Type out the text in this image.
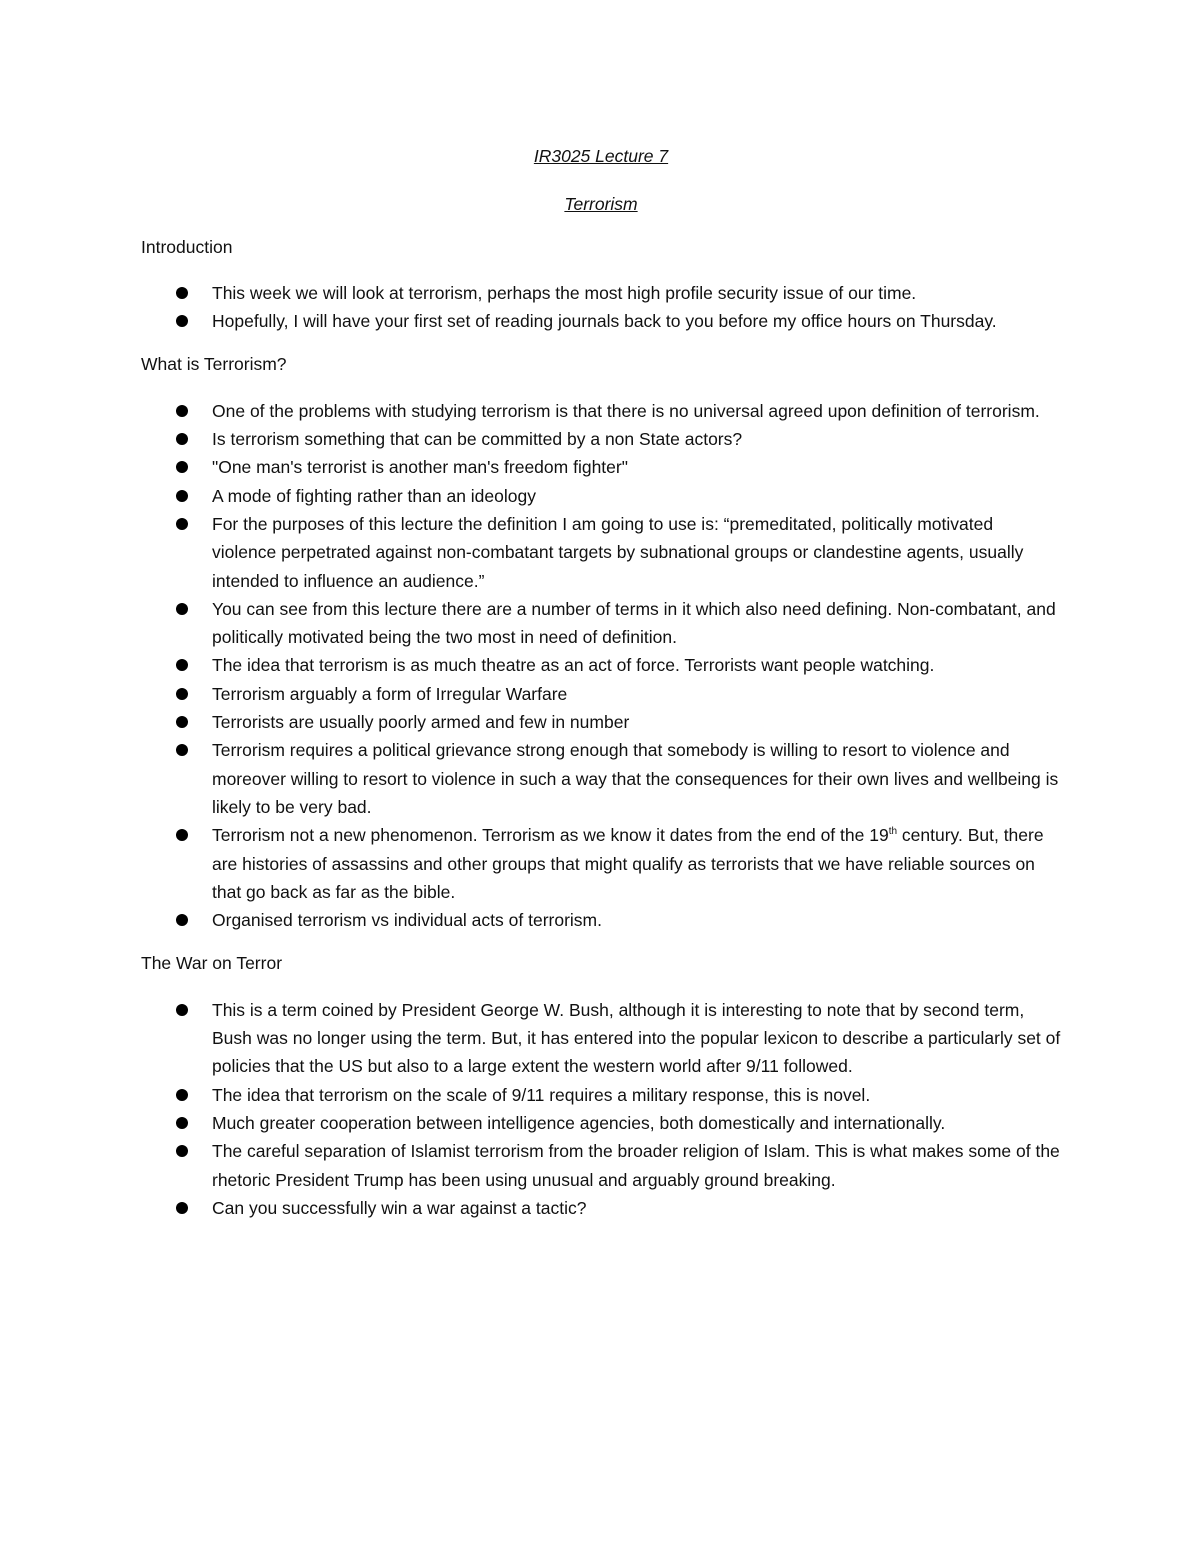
IR3025 Lecture 7
Terrorism
Introduction
This week we will look at terrorism, perhaps the most high profile security issue of our time.
Hopefully, I will have your first set of reading journals back to you before my office hours on Thursday.
What is Terrorism?
One of the problems with studying terrorism is that there is no universal agreed upon definition of terrorism.
Is terrorism something that can be committed by a non State actors?
"One man's terrorist is another man's freedom fighter"
A mode of fighting rather than an ideology
For the purposes of this lecture the definition I am going to use is: “premeditated, politically motivated violence perpetrated against non-combatant targets by subnational groups or clandestine agents, usually intended to influence an audience.”
You can see from this lecture there are a number of terms in it which also need defining. Non-combatant, and politically motivated being the two most in need of definition.
The idea that terrorism is as much theatre as an act of force. Terrorists want people watching.
Terrorism arguably a form of Irregular Warfare
Terrorists are usually poorly armed and few in number
Terrorism requires a political grievance strong enough that somebody is willing to resort to violence and moreover willing to resort to violence in such a way that the consequences for their own lives and wellbeing is likely to be very bad.
Terrorism not a new phenomenon. Terrorism as we know it dates from the end of the 19th century. But, there are histories of assassins and other groups that might qualify as terrorists that we have reliable sources on that go back as far as the bible.
Organised terrorism vs individual acts of terrorism.
The War on Terror
This is a term coined by President George W. Bush, although it is interesting to note that by second term, Bush was no longer using the term. But, it has entered into the popular lexicon to describe a particularly set of policies that the US but also to a large extent the western world after 9/11 followed.
The idea that terrorism on the scale of 9/11 requires a military response, this is novel.
Much greater cooperation between intelligence agencies, both domestically and internationally.
The careful separation of Islamist terrorism from the broader religion of Islam. This is what makes some of the rhetoric President Trump has been using unusual and arguably ground breaking.
Can you successfully win a war against a tactic?
